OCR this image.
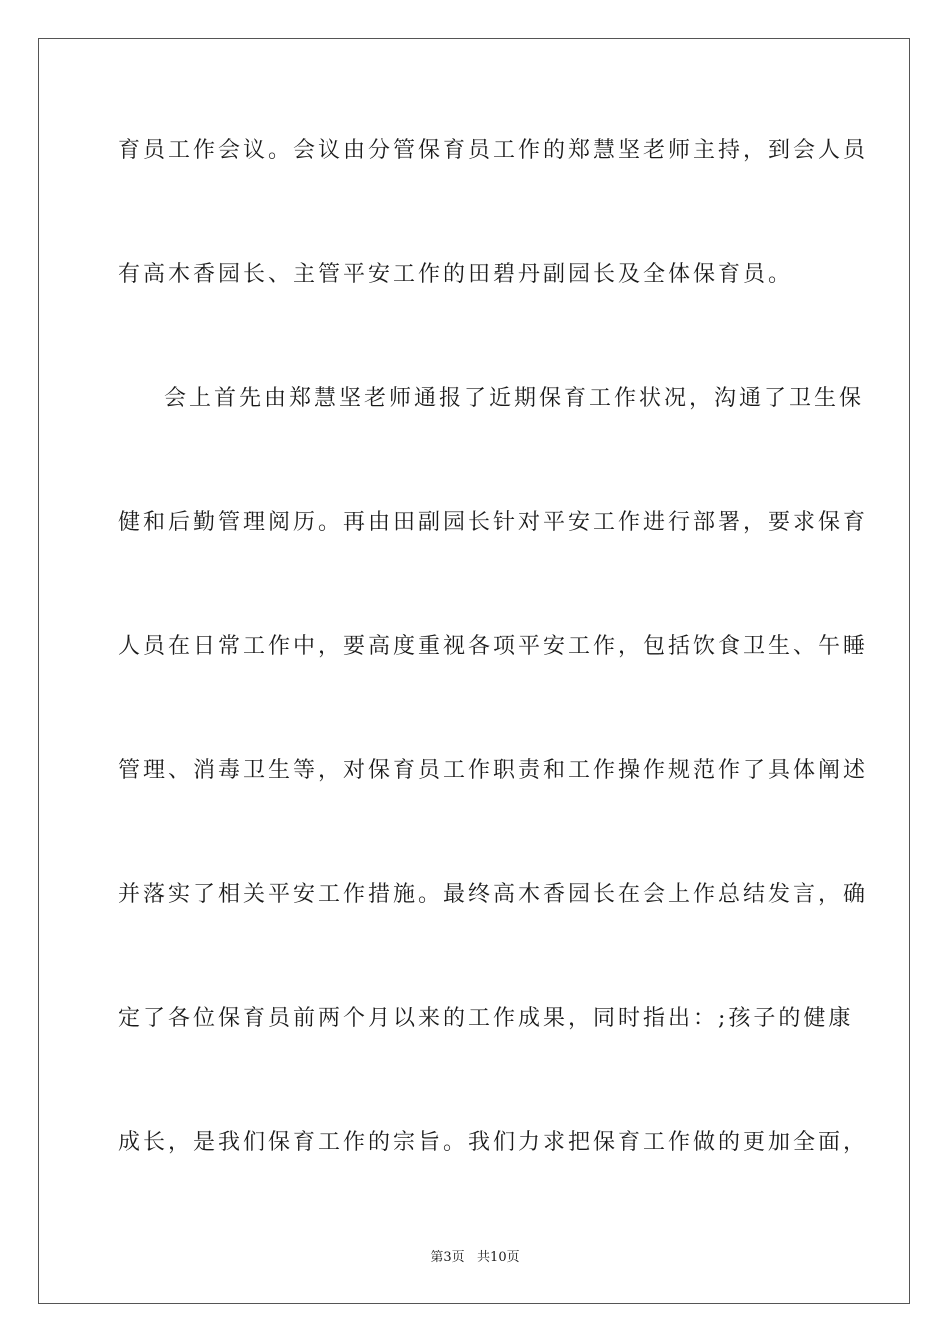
育员工作会议。会议由分管保育员工作的郑慧坚老师主持，到会人员
有高木香园长、主管平安工作的田碧丹副园长及全体保育员。
会上首先由郑慧坚老师通报了近期保育工作状况，沟通了卫生保
健和后勤管理阅历。再由田副园长针对平安工作进行部署，要求保育
人员在日常工作中，要高度重视各项平安工作，包括饮食卫生、午睡
管理、消毒卫生等，对保育员工作职责和工作操作规范作了具体阐述
并落实了相关平安工作措施。最终高木香园长在会上作总结发言，确
定了各位保育员前两个月以来的工作成果，同时指出：;孩子的健康
成长，是我们保育工作的宗旨。我们力求把保育工作做的更加全面，
第3页   共10页
